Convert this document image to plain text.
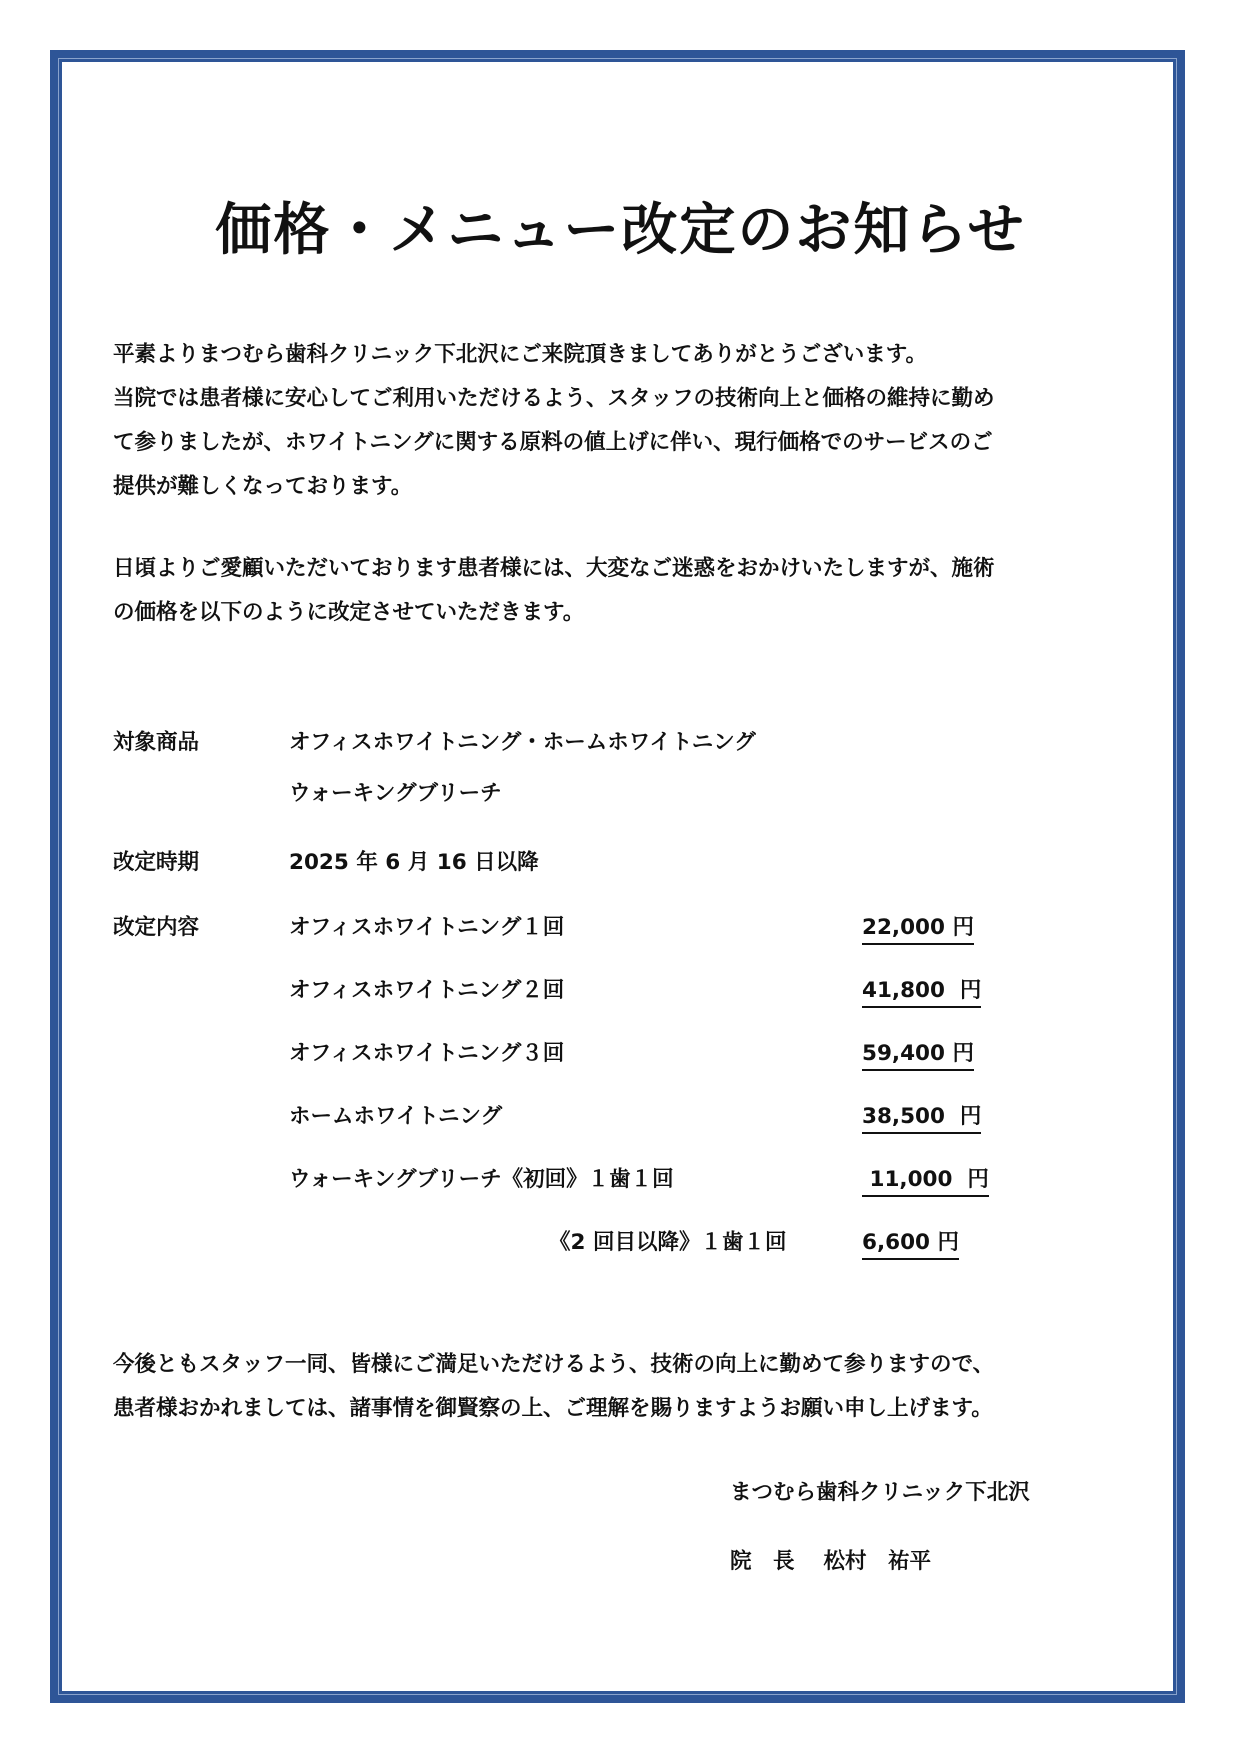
価格・メニュー改定のお知らせ

平素よりまつむら歯科クリニック下北沢にご来院頂きましてありがとうございます。

当院では患者様に安心してご利用いただけるよう、スタッフの技術向上と価格の維持に勤め

て参りましたが、ホワイトニングに関する原料の値上げに伴い、現行価格でのサービスのご

提供が難しくなっております。

日頃よりご愛顧いただいております患者様には、大変なご迷惑をおかけいたしますが、施術

の価格を以下のように改定させていただきます。

対象商品	オフィスホワイトニング・ホームホワイトニング
ウォーキングブリーチ
改定時期	2025 年 6 月 16 日以降
改定内容	オフィスホワイトニング１回	22,000 円
オフィスホワイトニング２回	41,800  円
オフィスホワイトニング３回	59,400 円
ホームホワイトニング	38,500  円
ウォーキングブリーチ《初回》１歯１回	11,000  円
《2 回目以降》１歯１回	6,600 円

今後ともスタッフ一同、皆様にご満足いただけるよう、技術の向上に勤めて参りますので、

患者様おかれましては、諸事情を御賢察の上、ご理解を賜りますようお願い申し上げます。

まつむら歯科クリニック下北沢
院　長　 松村　祐平
